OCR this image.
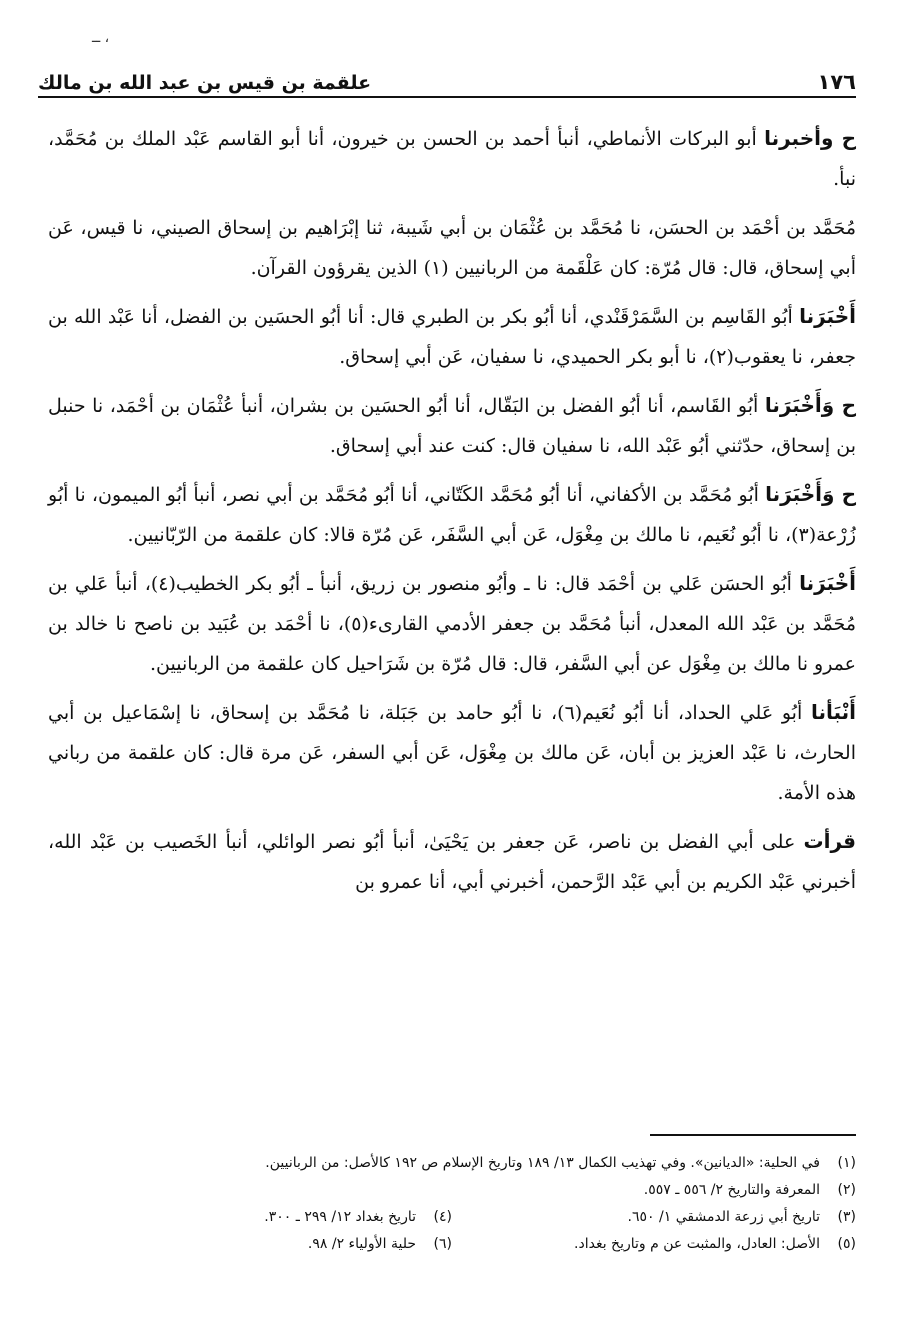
ــ ،
١٧٦
علقمة بن قيس بن عبد الله بن مالك

ح وأخبرنا أبو البركات الأنماطي، أنبأ أحمد بن الحسن بن خيرون، أنا أبو القاسم عَبْد الملك بن مُحَمَّد، نبأ.

مُحَمَّد بن أحْمَد بن الحسَن، نا مُحَمَّد بن عُثْمَان بن أبي شَيبة، ثنا إبْرَاهيم بن إسحاق الصيني، نا قيس، عَن أبي إسحاق، قال: قال مُرّة: كان عَلْقَمة من الربانيين (١) الذين يقرؤون القرآن.

أَخْبَرَنا أبُو القَاسِم بن السَّمَرْقَنْدي، أنا أبُو بكر بن الطبري قال: أنا أبُو الحسَين بن الفضل، أنا عَبْد الله بن جعفر، نا يعقوب(٢)، نا أبو بكر الحميدي، نا سفيان، عَن أبي إسحاق.

ح وَأَخْبَرَنا أبُو القَاسم، أنا أبُو الفضل بن البَقّال، أنا أبُو الحسَين بن بشران، أنبأ عُثْمَان بن أحْمَد، نا حنبل بن إسحاق، حدّثني أبُو عَبْد الله، نا سفيان قال: كنت عند أبي إسحاق.

ح وَأَخْبَرَنا أبُو مُحَمَّد بن الأكفاني، أنا أبُو مُحَمَّد الكَتّاني، أنا أبُو مُحَمَّد بن أبي نصر، أنبأ أبُو الميمون، نا أبُو زُرْعة(٣)، نا أبُو نُعَيم، نا مالك بن مِغْوَل، عَن أبي السَّفَر، عَن مُرّة قالا: كان علقمة من الرّبّانيين.

أَخْبَرَنا أبُو الحسَن عَلي بن أحْمَد قال: نا ـ وأبُو منصور بن زريق، أنبأ ـ أبُو بكر الخطيب(٤)، أنبأ عَلي بن مُحَمَّد بن عَبْد الله المعدل، أنبأ مُحَمَّد بن جعفر الأدمي القارىء(٥)، نا أحْمَد بن عُبَيد بن ناصح نا خالد بن عمرو نا مالك بن مِغْوَل عن أبي السَّفر، قال: قال مُرّة بن شَرَاحيل كان علقمة من الربانيين.

أَنْبَأنا أبُو عَلي الحداد، أنا أبُو نُعَيم(٦)، نا أبُو حامد بن جَبَلة، نا مُحَمَّد بن إسحاق، نا إسْمَاعيل بن أبي الحارث، نا عَبْد العزيز بن أبان، عَن مالك بن مِغْوَل، عَن أبي السفر، عَن مرة قال: كان علقمة من رباني هذه الأمة.

قرأت على أبي الفضل بن ناصر، عَن جعفر بن يَحْيَىٰ، أنبأ أبُو نصر الوائلي، أنبأ الخَصيب بن عَبْد الله، أخبرني عَبْد الكريم بن أبي عَبْد الرَّحمن، أخبرني أبي، أنا عمرو بن

(١)في الحلية: «الديانين». وفي تهذيب الكمال ١٣/ ١٨٩ وتاريخ الإسلام ص ١٩٢ كالأصل: من الربانيين.
(٢)المعرفة والتاريخ ٢/ ٥٥٦ ـ ٥٥٧.
(٣)تاريخ أبي زرعة الدمشقي ١/ ٦٥٠.
(٤)تاريخ بغداد ١٢/ ٢٩٩ ـ ٣٠٠.
(٥)الأصل: العادل، والمثبت عن م وتاريخ بغداد.
(٦)حلية الأولياء ٢/ ٩٨.
